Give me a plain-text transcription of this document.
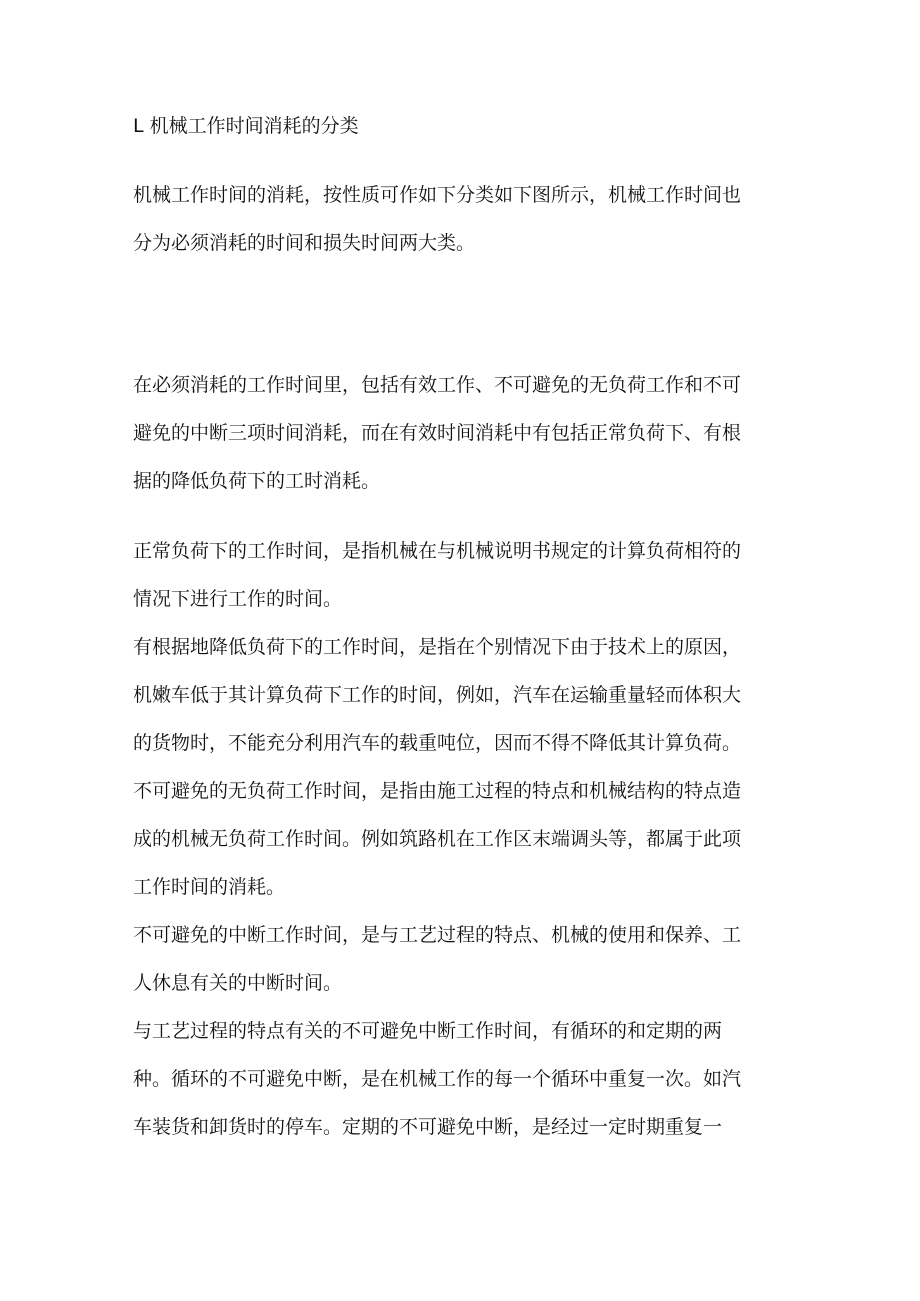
L 机械工作时间消耗的分类
机械工作时间的消耗，按性质可作如下分类如下图所示，机械工作时间也
分为必须消耗的时间和损失时间两大类。
在必须消耗的工作时间里，包括有效工作、不可避免的无负荷工作和不可
避免的中断三项时间消耗，而在有效时间消耗中有包括正常负荷下、有根
据的降低负荷下的工时消耗。
正常负荷下的工作时间，是指机械在与机械说明书规定的计算负荷相符的
情况下进行工作的时间。
有根据地降低负荷下的工作时间，是指在个别情况下由于技术上的原因，
机嫩车低于其计算负荷下工作的时间，例如，汽车在运输重量轻而体积大
的货物时，不能充分利用汽车的载重吨位，因而不得不降低其计算负荷。
不可避免的无负荷工作时间，是指由施工过程的特点和机械结构的特点造
成的机械无负荷工作时间。例如筑路机在工作区末端调头等，都属于此项
工作时间的消耗。
不可避免的中断工作时间，是与工艺过程的特点、机械的使用和保养、工
人休息有关的中断时间。
与工艺过程的特点有关的不可避免中断工作时间，有循环的和定期的两
种。循环的不可避免中断，是在机械工作的每一个循环中重复一次。如汽
车装货和卸货时的停车。定期的不可避免中断，是经过一定时期重复一
